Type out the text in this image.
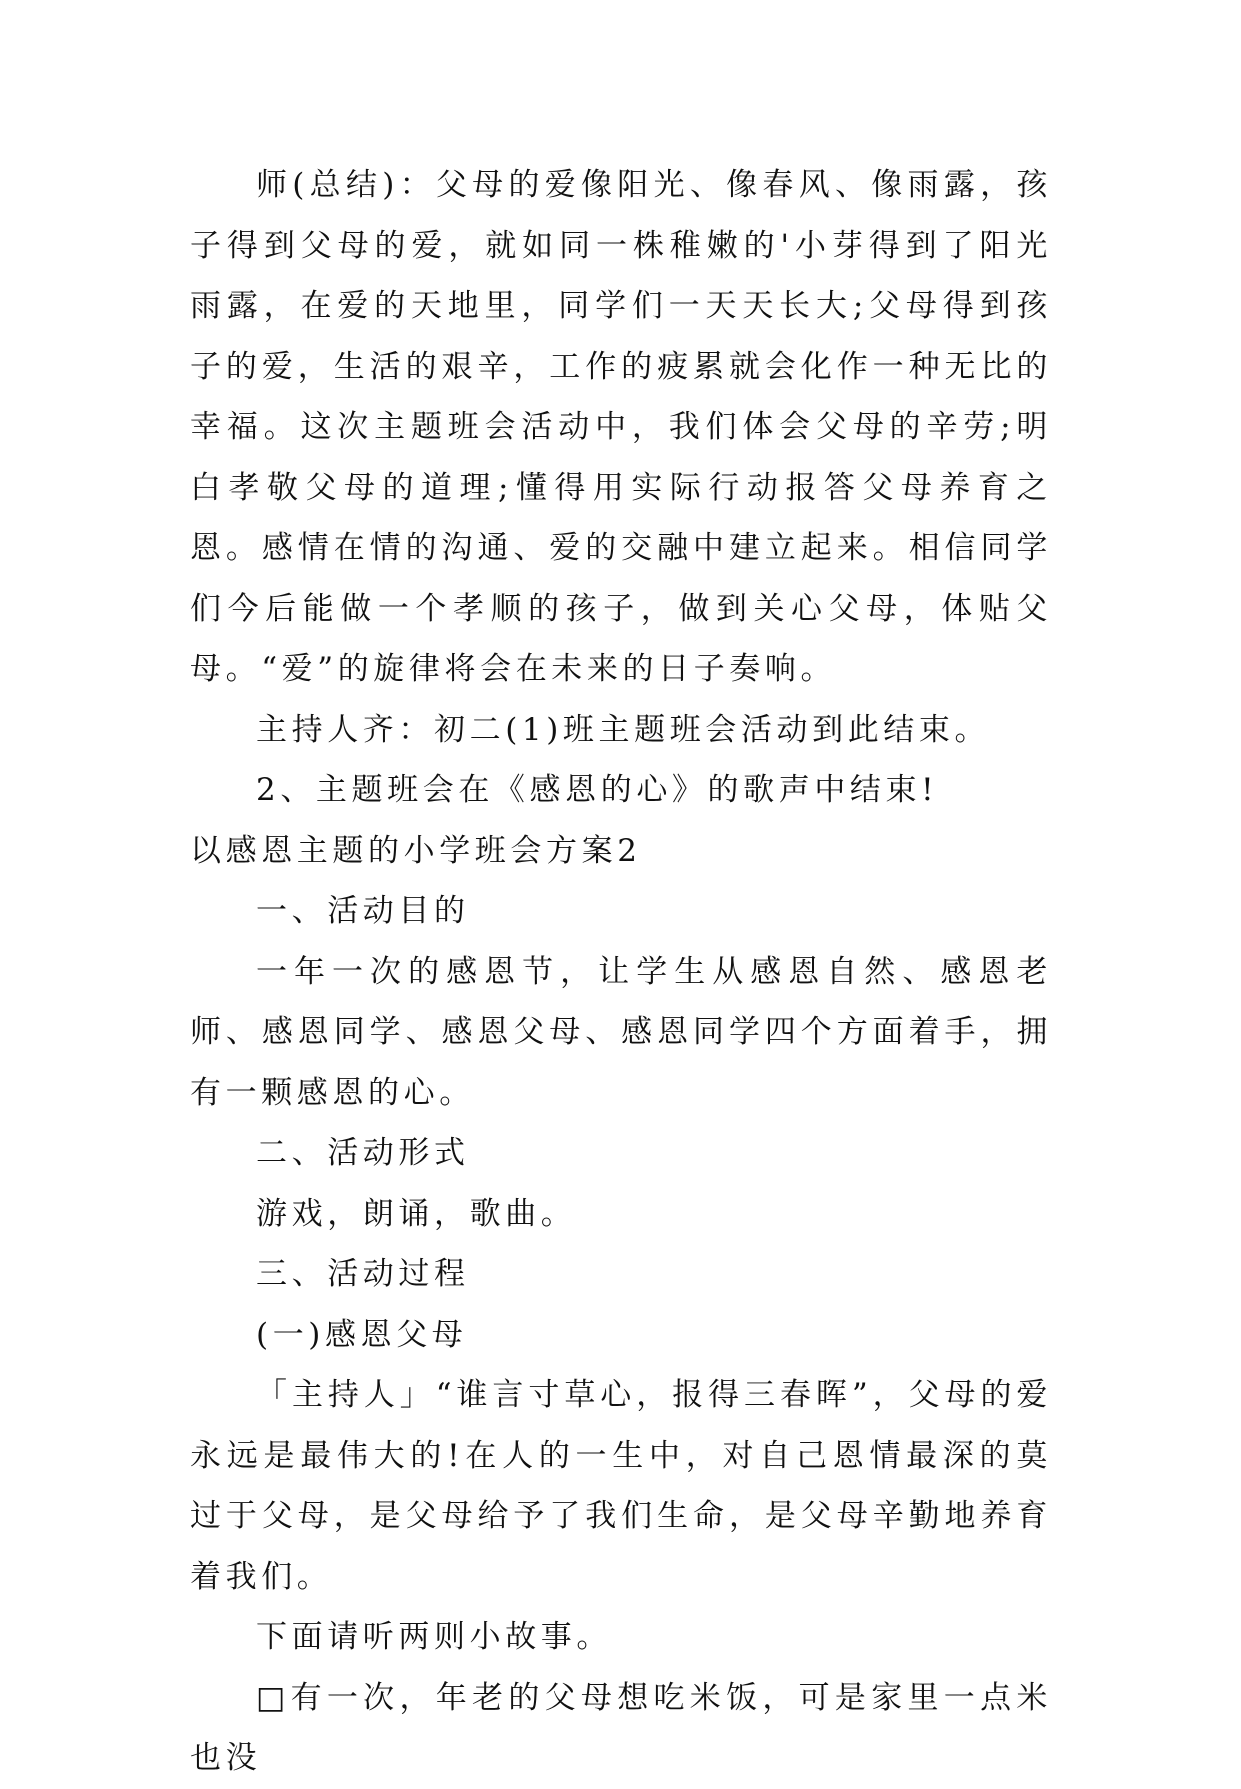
师(总结)：父母的爱像阳光、像春风、像雨露，孩子得到父母的爱，就如同一株稚嫩的'小芽得到了阳光雨露，在爱的天地里，同学们一天天长大;父母得到孩子的爱，生活的艰辛，工作的疲累就会化作一种无比的幸福。这次主题班会活动中，我们体会父母的辛劳;明白孝敬父母的道理;懂得用实际行动报答父母养育之恩。感情在情的沟通、爱的交融中建立起来。相信同学们今后能做一个孝顺的孩子，做到关心父母，体贴父母。“爱”的旋律将会在未来的日子奏响。

主持人齐：初二(1)班主题班会活动到此结束。

2、主题班会在《感恩的心》的歌声中结束!

以感恩主题的小学班会方案2

一、活动目的

一年一次的感恩节，让学生从感恩自然、感恩老师、感恩同学、感恩父母、感恩同学四个方面着手，拥有一颗感恩的心。

二、活动形式

游戏，朗诵，歌曲。

三、活动过程

(一)感恩父母

「主持人」“谁言寸草心，报得三春晖”，父母的爱永远是最伟大的!在人的一生中，对自己恩情最深的莫过于父母，是父母给予了我们生命，是父母辛勤地养育着我们。

下面请听两则小故事。

□有一次，年老的父母想吃米饭，可是家里一点米也没
